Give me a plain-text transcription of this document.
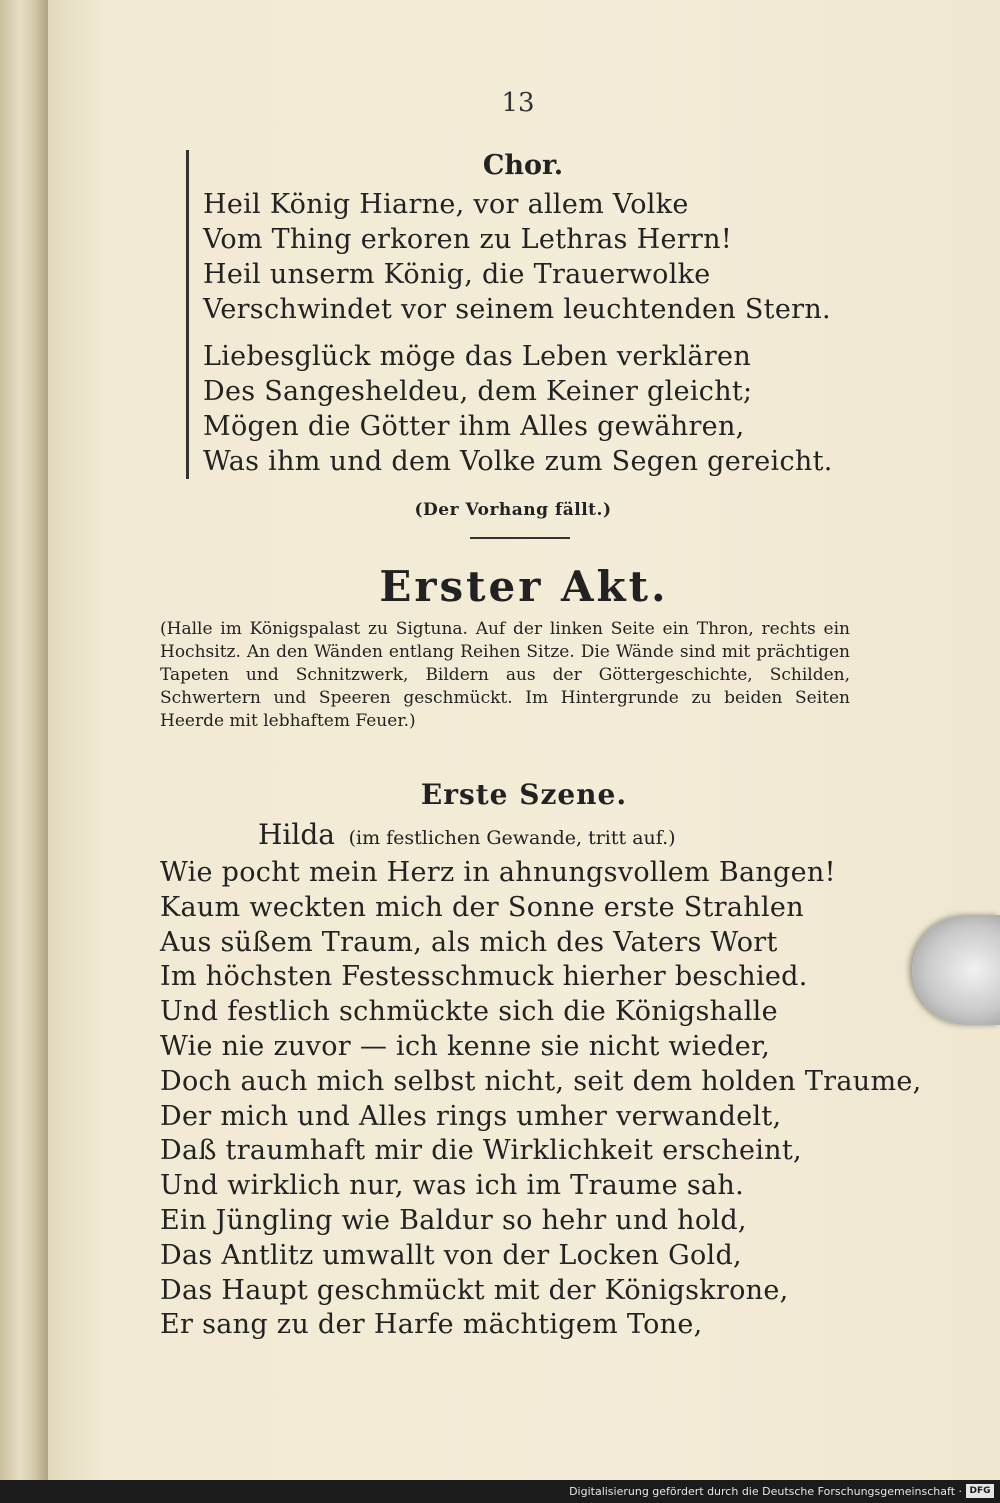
13
Chor.
Heil König Hiarne, vor allem Volke
Vom Thing erkoren zu Lethras Herrn!
Heil unserm König, die Trauerwolke
Verschwindet vor seinem leuchtenden Stern.
Liebesglück möge das Leben verklären
Des Sangesheldeu, dem Keiner gleicht;
Mögen die Götter ihm Alles gewähren,
Was ihm und dem Volke zum Segen gereicht.
(Der Vorhang fällt.)
Erster Akt.
(Halle im Königspalast zu Sigtuna. Auf der linken Seite ein Thron, rechts ein Hochsitz. An den Wänden entlang Reihen Sitze. Die Wände sind mit prächtigen Tapeten und Schnitzwerk, Bildern aus der Göttergeschichte, Schilden, Schwertern und Speeren geschmückt. Im Hintergrunde zu beiden Seiten Heerde mit lebhaftem Feuer.)
Erste Szene.
Hilda (im festlichen Gewande, tritt auf.)
Wie pocht mein Herz in ahnungsvollem Bangen!
Kaum weckten mich der Sonne erste Strahlen
Aus süßem Traum, als mich des Vaters Wort
Im höchsten Festesschmuck hierher beschied.
Und festlich schmückte sich die Königshalle
Wie nie zuvor — ich kenne sie nicht wieder,
Doch auch mich selbst nicht, seit dem holden Traume,
Der mich und Alles rings umher verwandelt,
Daß traumhaft mir die Wirklichkeit erscheint,
Und wirklich nur, was ich im Traume sah.
Ein Jüngling wie Baldur so hehr und hold,
Das Antlitz umwallt von der Locken Gold,
Das Haupt geschmückt mit der Königskrone,
Er sang zu der Harfe mächtigem Tone,
Digitalisierung gefördert durch die Deutsche Forschungsgemeinschaft · DFG
